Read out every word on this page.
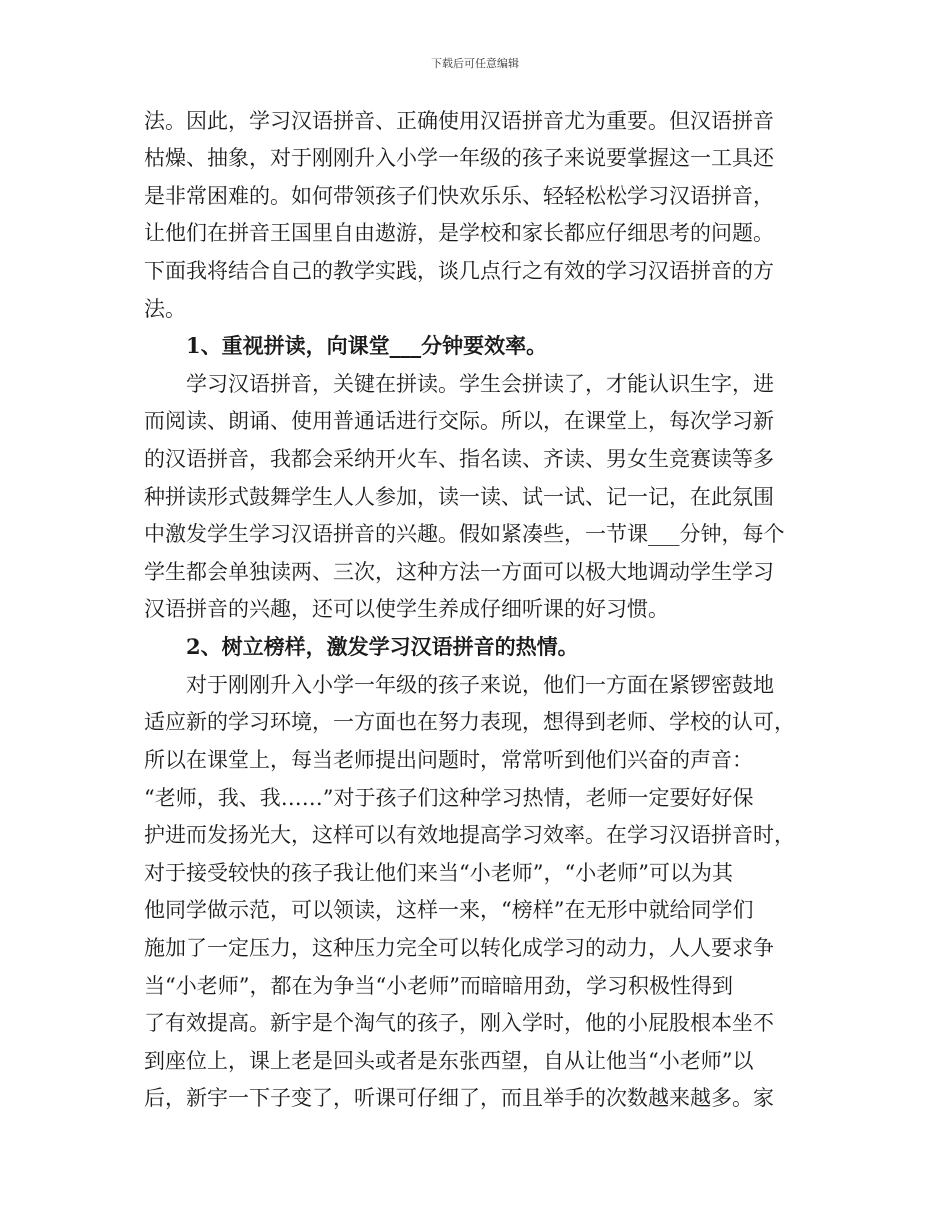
下载后可任意编辑
法。因此，学习汉语拼音、正确使用汉语拼音尤为重要。但汉语拼音
枯燥、抽象，对于刚刚升入小学一年级的孩子来说要掌握这一工具还
是非常困难的。如何带领孩子们快欢乐乐、轻轻松松学习汉语拼音，
让他们在拼音王国里自由遨游，是学校和家长都应仔细思考的问题。
下面我将结合自己的教学实践，谈几点行之有效的学习汉语拼音的方
法。
1、重视拼读，向课堂___分钟要效率。
学习汉语拼音，关键在拼读。学生会拼读了，才能认识生字，进
而阅读、朗诵、使用普通话进行交际。所以，在课堂上，每次学习新
的汉语拼音，我都会采纳开火车、指名读、齐读、男女生竞赛读等多
种拼读形式鼓舞学生人人参加，读一读、试一试、记一记，在此氛围
中激发学生学习汉语拼音的兴趣。假如紧凑些，一节课___分钟，每个
学生都会单独读两、三次，这种方法一方面可以极大地调动学生学习
汉语拼音的兴趣，还可以使学生养成仔细听课的好习惯。
2、树立榜样，激发学习汉语拼音的热情。
对于刚刚升入小学一年级的孩子来说，他们一方面在紧锣密鼓地
适应新的学习环境，一方面也在努力表现，想得到老师、学校的认可，
所以在课堂上，每当老师提出问题时，常常听到他们兴奋的声音：
“老师，我、我……”对于孩子们这种学习热情，老师一定要好好保
护进而发扬光大，这样可以有效地提高学习效率。在学习汉语拼音时，
对于接受较快的孩子我让他们来当“小老师”，“小老师”可以为其
他同学做示范，可以领读，这样一来，“榜样”在无形中就给同学们
施加了一定压力，这种压力完全可以转化成学习的动力，人人要求争
当“小老师”，都在为争当“小老师”而暗暗用劲，学习积极性得到
了有效提高。新宇是个淘气的孩子，刚入学时，他的小屁股根本坐不
到座位上，课上老是回头或者是东张西望，自从让他当“小老师”以
后，新宇一下子变了，听课可仔细了，而且举手的次数越来越多。家
